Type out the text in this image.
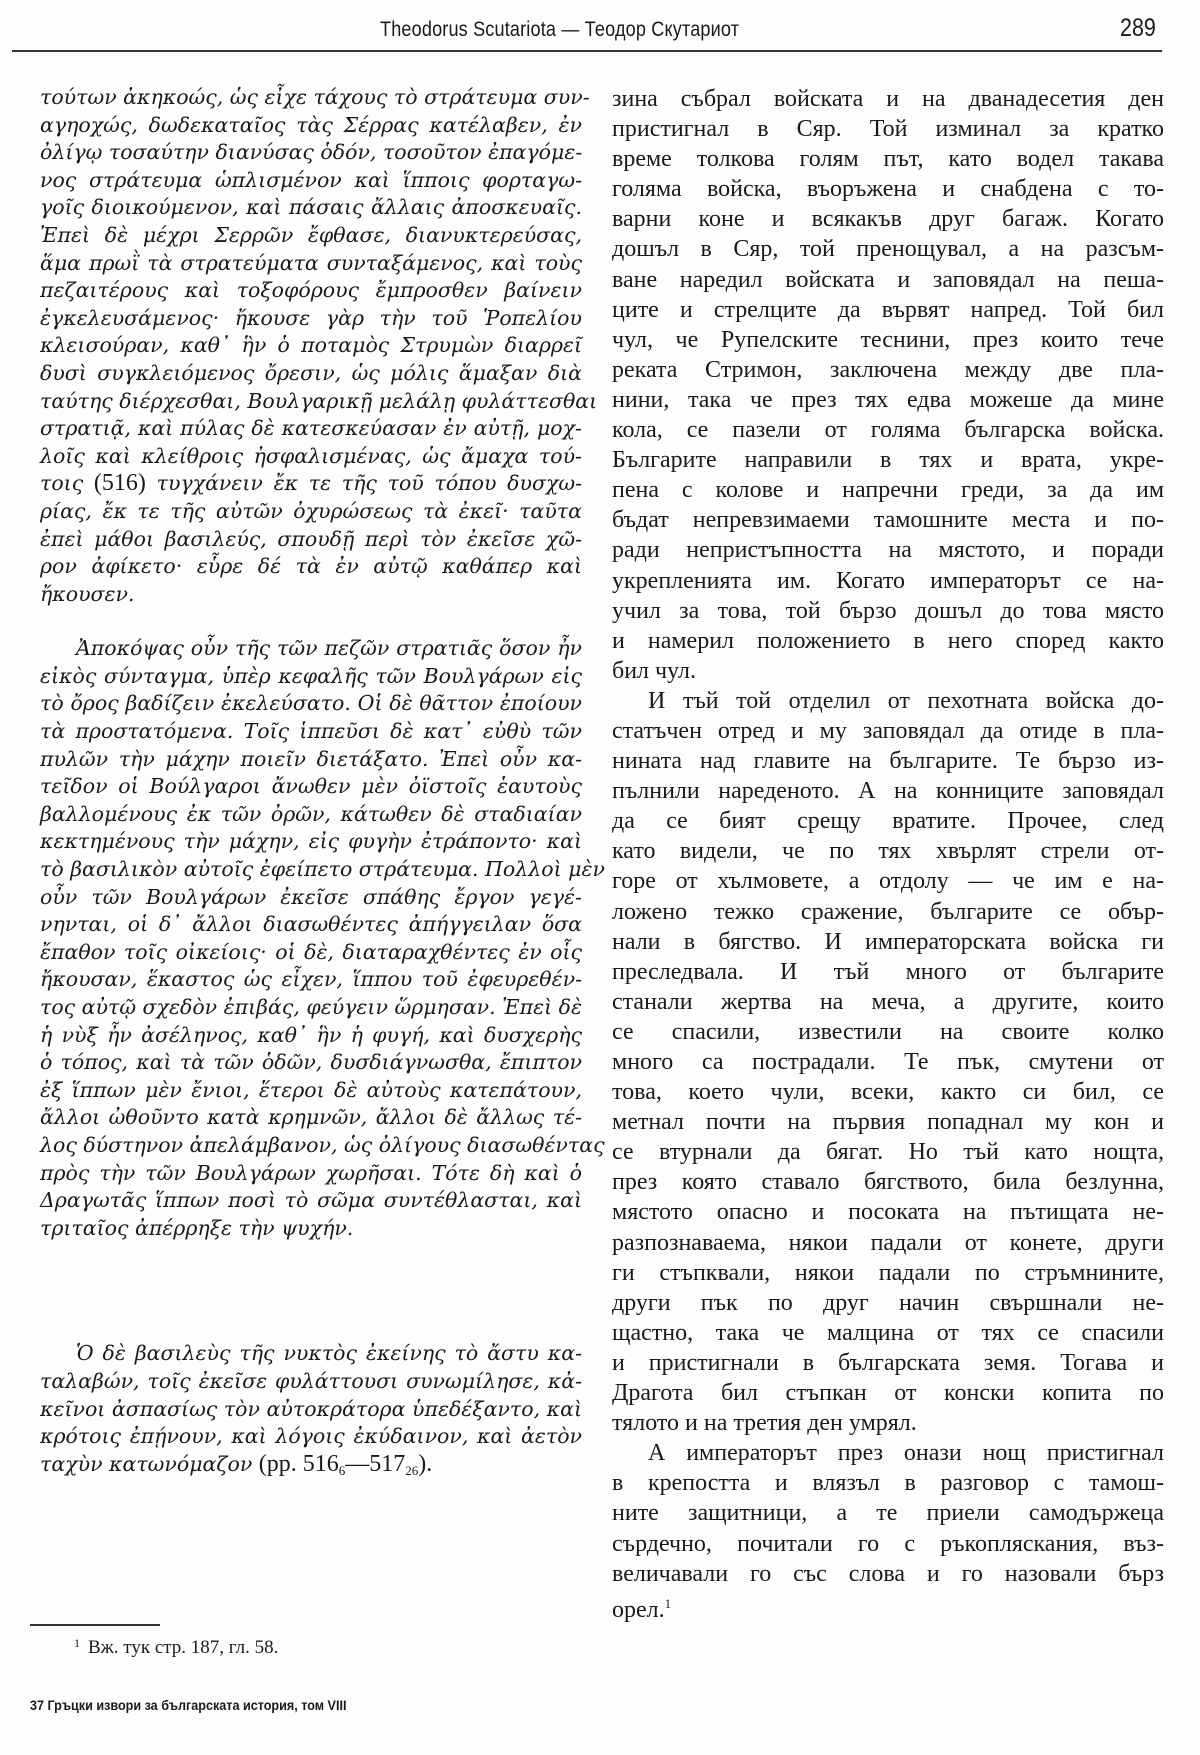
Theodorus Scutariota — Теодор Скутариот	289
τούτων ἀκηκοώς, ὡς εἶχε τάχους τὸ στράτευμα συν-
αγηοχώς, δωδεκαταῖος τὰς Σέρρας κατέλαβεν, ἐν
ὀλίγῳ τοσαύτην διανύσας ὁδόν, τοσοῦτον ἐπαγόμε-
νος στράτευμα ὡπλισμένον καὶ ἵπποις φορταγω-
γοῖς διοικούμενον, καὶ πάσαις ἄλλαις ἀποσκευαῖς.
Ἐπεὶ δὲ μέχρι Σερρῶν ἔφθασε, διανυκτερεύσας,
ἅμα πρωῒ τὰ στρατεύματα συνταξάμενος, καὶ τοὺς
πεζαιτέρους καὶ τοξοφόρους ἔμπροσθεν βαίνειν
ἐγκελευσάμενος· ἤκουσε γὰρ τὴν τοῦ Ῥοπελίου
κλεισούραν, καθ᾽ ἣν ὁ ποταμὸς Στρυμὼν διαρρεῖ
δυσὶ συγκλειόμενος ὄρεσιν, ὡς μόλις ἅμαξαν διὰ
ταύτης διέρχεσθαι, Βουλγαρικῇ μελάλῃ φυλάττεσθαι
στρατιᾷ, καὶ πύλας δὲ κατεσκεύασαν ἐν αὐτῇ, μοχ-
λοῖς καὶ κλείθροις ἠσφαλισμένας, ὡς ἄμαχα τού-
τοις (516) τυγχάνειν ἔκ τε τῆς τοῦ τόπου δυσχω-
ρίας, ἔκ τε τῆς αὐτῶν ὀχυρώσεως τὰ ἐκεῖ· ταῦτα
ἐπεὶ μάθοι βασιλεύς, σπουδῇ περὶ τὸν ἐκεῖσε χῶ-
ρον ἀφίκετο· εὗρε δέ τὰ ἐν αὐτῷ καθάπερ καὶ
ἤκουσεν.
Ἀποκόψας οὖν τῆς τῶν πεζῶν στρατιᾶς ὅσον ἦν
εἰκὸς σύνταγμα, ὑπὲρ κεφαλῆς τῶν Βουλγάρων εἰς
τὸ ὄρος βαδίζειν ἐκελεύσατο. Οἱ δὲ θᾶττον ἐποίουν
τὰ προστατόμενα. Τοῖς ἱππεῦσι δὲ κατ᾽ εὐθὺ τῶν
πυλῶν τὴν μάχην ποιεῖν διετάξατο. Ἐπεὶ οὖν κα-
τεῖδον οἱ Βούλγαροι ἄνωθεν μὲν ὀϊστοῖς ἑαυτοὺς
βαλλομένους ἐκ τῶν ὀρῶν, κάτωθεν δὲ σταδιαίαν
κεκτημένους τὴν μάχην, εἰς φυγὴν ἐτράποντο· καὶ
τὸ βασιλικὸν αὐτοῖς ἐφείπετο στράτευμα. Πολλοὶ μὲν
οὖν τῶν Βουλγάρων ἐκεῖσε σπάθης ἔργον γεγέ-
νηνται, οἱ δ᾽ ἄλλοι διασωθέντες ἀπήγγειλαν ὅσα
ἔπαθον τοῖς οἰκείοις· οἱ δὲ, διαταραχθέντες ἐν οἷς
ἤκουσαν, ἕκαστος ὡς εἶχεν, ἵππου τοῦ ἐφευρεθέν-
τος αὐτῷ σχεδὸν ἐπιβάς, φεύγειν ὥρμησαν. Ἐπεὶ δὲ
ἡ νὺξ ἦν ἀσέληνος, καθ᾽ ἣν ἡ φυγή, καὶ δυσχερὴς
ὁ τόπος, καὶ τὰ τῶν ὁδῶν, δυσδιάγνωσθα, ἔπιπτον
ἐξ ἵππων μὲν ἔνιοι, ἕτεροι δὲ αὐτοὺς κατεπάτουν,
ἄλλοι ὠθοῦντο κατὰ κρημνῶν, ἄλλοι δὲ ἄλλως τέ-
λος δύστηνον ἀπελάμβανον, ὡς ὀλίγους διασωθέντας
πρὸς τὴν τῶν Βουλγάρων χωρῆσαι. Τότε δὴ καὶ ὁ
Δραγωτᾶς ἵππων ποσὶ τὸ σῶμα συντέθλασται, καὶ
τριταῖος ἀπέρρηξε τὴν ψυχήν.
Ὁ δὲ βασιλεὺς τῆς νυκτὸς ἐκείνης τὸ ἄστυ κα-
ταλαβών, τοῖς ἐκεῖσε φυλάττουσι συνωμίλησε, κἀ-
κεῖνοι ἀσπασίως τὸν αὐτοκράτορα ὑπεδέξαντο, καὶ
κρότοις ἐπῄνουν, καὶ λόγοις ἐκύδαινον, καὶ ἀετὸν
ταχὺν κατωνόμαζον (pp. $516_6—517_{26}$).
зина събрал войската и на дванадесетия ден
пристигнал в Сяр. Той изминал за кратко
време толкова голям път, като водел такава
голяма войска, въоръжена и снабдена с то-
варни коне и всякакъв друг багаж. Когато
дошъл в Сяр, той пренощувал, а на разсъм-
ване наредил войската и заповядал на пеша-
ците и стрелците да вървят напред. Той бил
чул, че Рупелските теснини, през които тече
реката Стримон, заключена между две пла-
нини, така че през тях едва можеше да мине
кола, се пазели от голяма българска войска.
Българите направили в тях и врата, укре-
пена с колове и напречни греди, за да им
бъдат непревзимаеми тамошните места и по-
ради непристъпността на мястото, и поради
укрепленията им. Когато императорът се на-
учил за това, той бързо дошъл до това място
и намерил положението в него според както
бил чул.
И тъй той отделил от пехотната войска до-
статъчен отред и му заповядал да отиде в пла-
нината над главите на българите. Те бързо из-
пълнили нареденото. А на конниците заповядал
да се бият срещу вратите. Прочее, след
като видели, че по тях хвърлят стрели от-
горе от хълмовете, а отдолу — че им е на-
ложено тежко сражение, българите се обър-
нали в бягство. И императорската войска ги
преследвала. И тъй много от българите
станали жертва на меча, а другите, които
се спасили, известили на своите колко
много са пострадали. Те пък, смутени от
това, което чули, всеки, както си бил, се
метнал почти на първия попаднал му кон и
се втурнали да бягат. Но тъй като нощта,
през която ставало бягството, била безлунна,
мястото опасно и посоката на пътищата не-
разпознаваема, някои падали от конете, други
ги стъпквали, някои падали по стръмнините,
други пък по друг начин свършнали не-
щастно, така че малцина от тях се спасили
и пристигнали в българската земя. Тогава и
Драгота бил стъпкан от конски копита по
тялото и на третия ден умрял.
А императорът през онази нощ пристигнал
в крепостта и влязъл в разговор с тамош-
ните защитници, а те приели самодържеца
сърдечно, почитали го с ръкопляскания, въз-
величавали го със слова и го назовали бърз
орел.$^1$
$^1$ Вж. тук стр. 187, гл. 58.
37 Гръцки извори за българската история, том VIII
